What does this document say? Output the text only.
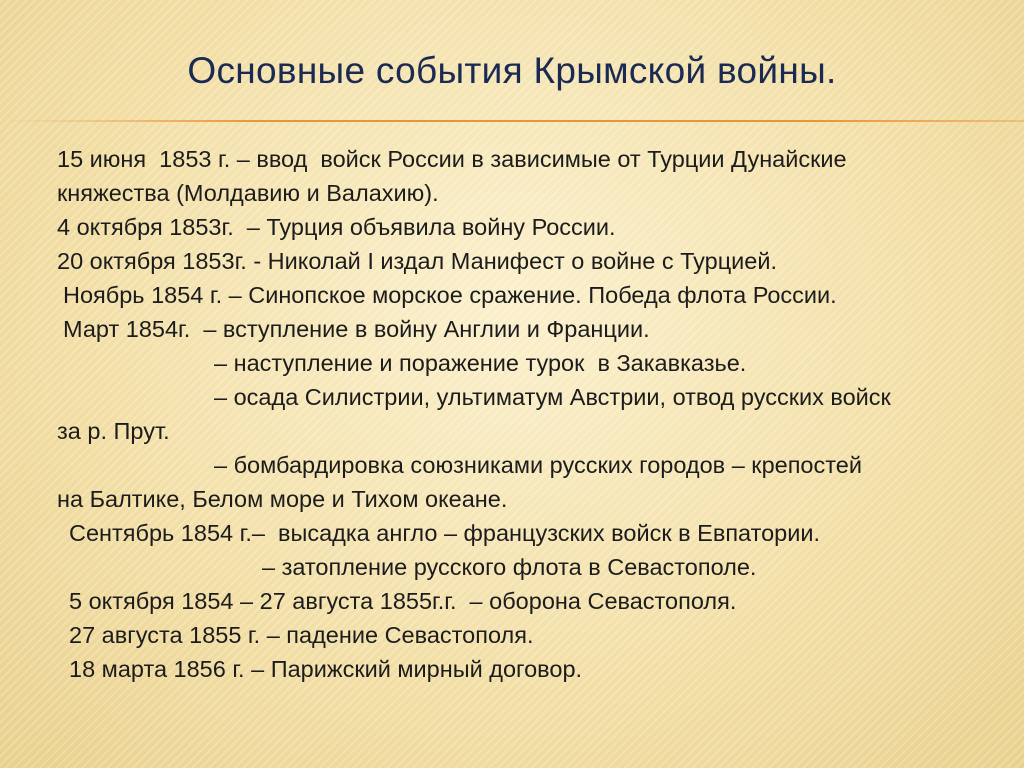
Основные события Крымской войны.
15 июня  1853 г. – ввод  войск России в зависимые от Турции Дунайские
княжества (Молдавию и Валахию).
4 октября 1853г.  – Турция объявила войну России.
20 октября 1853г. - Николай I издал Манифест о войне с Турцией.
Ноябрь 1854 г. – Синопское морское сражение. Победа флота России.
Март 1854г.  – вступление в войну Англии и Франции.
– наступление и поражение турок  в Закавказье.
– осада Силистрии, ультиматум Австрии, отвод русских войск
за р. Прут.
– бомбардировка союзниками русских городов – крепостей
на Балтике, Белом море и Тихом океане.
Сентябрь 1854 г.–  высадка англо – французских войск в Евпатории.
– затопление русского флота в Севастополе.
5 октября 1854 – 27 августа 1855г.г.  – оборона Севастополя.
27 августа 1855 г. – падение Севастополя.
18 марта 1856 г. – Парижский мирный договор.
